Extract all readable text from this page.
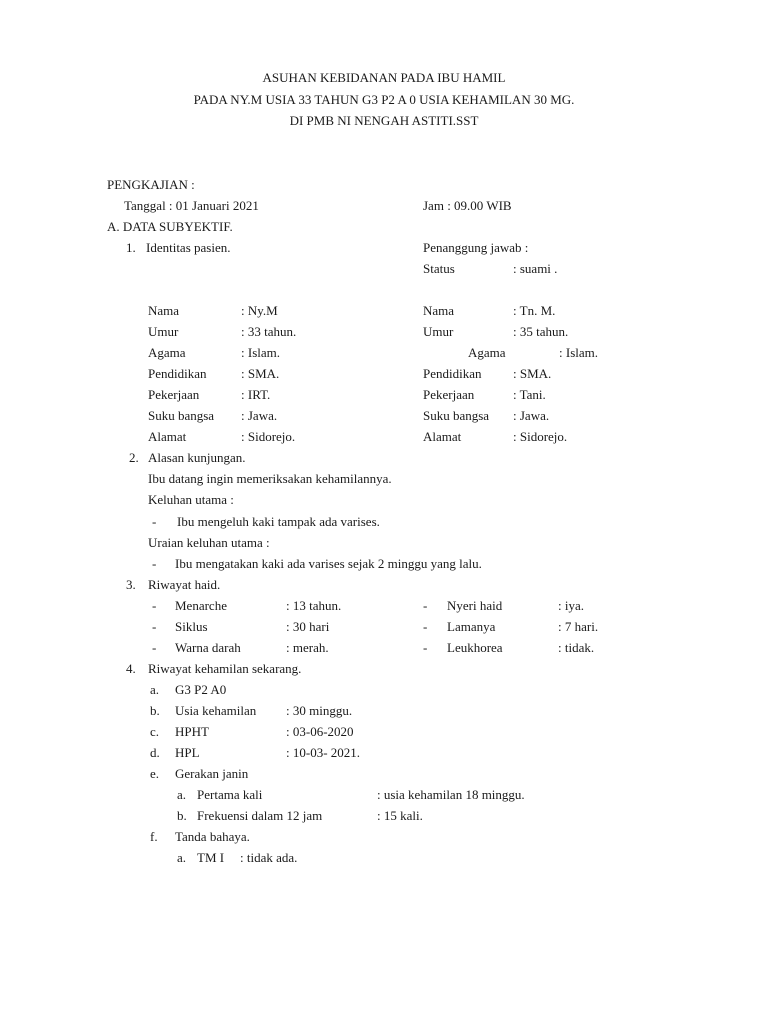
ASUHAN KEBIDANAN PADA IBU HAMIL
PADA NY.M USIA 33 TAHUN G3 P2 A 0 USIA KEHAMILAN 30 MG.
DI PMB NI NENGAH ASTITI.SST
PENGKAJIAN :
Tanggal : 01 Januari 2021	Jam : 09.00 WIB
A. DATA SUBYEKTIF.
1. Identitas pasien.	Penanggung jawab :
Status	: suami .
Nama	: Ny.M
Umur	: 33 tahun.
Agama	: Islam.
Pendidikan	: SMA.
Pekerjaan	: IRT.
Suku bangsa : Jawa.
Alamat	: Sidorejo.
Nama	: Tn. M.
Umur	: 35 tahun.
Agama	: Islam.
Pendidikan : SMA.
Pekerjaan	: Tani.
Suku bangsa : Jawa.
Alamat	: Sidorejo.
2. Alasan kunjungan.
Ibu datang ingin memeriksakan kehamilannya.
Keluhan utama :
- Ibu mengeluh kaki tampak ada varises.
Uraian keluhan utama :
- Ibu mengatakan kaki ada varises sejak 2 minggu yang lalu.
3. Riwayat haid.
- Menarche	: 13 tahun.	- Nyeri haid	: iya.
- Siklus	: 30 hari	- Lamanya	: 7 hari.
- Warna darah	: merah.	- Leukhorea	: tidak.
4. Riwayat kehamilan sekarang.
a. G3 P2 A0
b. Usia kehamilan : 30 minggu.
c. HPHT	: 03-06-2020
d. HPL	: 10-03- 2021.
e. Gerakan janin
a. Pertama kali	: usia kehamilan 18 minggu.
b. Frekuensi dalam 12 jam	: 15 kali.
f. Tanda bahaya.
a. TM I : tidak ada.
